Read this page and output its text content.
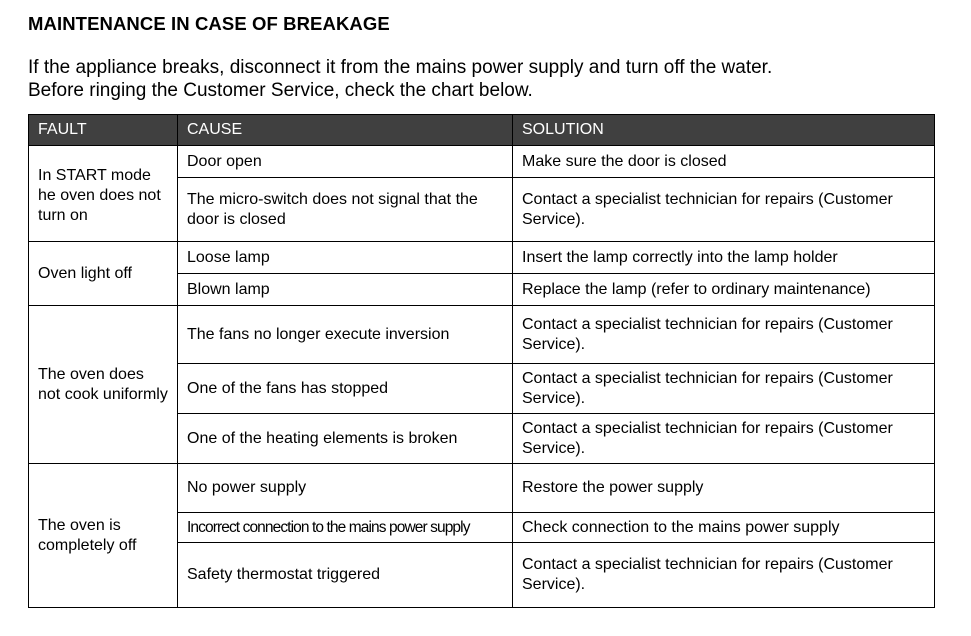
MAINTENANCE IN CASE OF BREAKAGE
If the appliance breaks, disconnect it from the mains power supply and turn off the water.
Before ringing the Customer Service, check the chart below.
FAULT	CAUSE	SOLUTION
In START mode he oven does not turn on	Door open	Make sure the door is closed
	The micro-switch does not signal that the door is closed	Contact a specialist technician for repairs (Customer Service).
Oven light off	Loose lamp	Insert the lamp correctly into the lamp holder
	Blown lamp	Replace the lamp (refer to ordinary maintenance)
The oven does not cook uniformly	The fans no longer execute inversion	Contact a specialist technician for repairs (Customer Service).
	One of the fans has stopped	Contact a specialist technician for repairs (Customer Service).
	One of the heating elements is broken	Contact a specialist technician for repairs (Customer Service).
The oven is completely off	No power supply	Restore the power supply
	Incorrect connection to the mains power supply	Check connection to the mains power supply
	Safety thermostat triggered	Contact a specialist technician for repairs (Customer Service).
